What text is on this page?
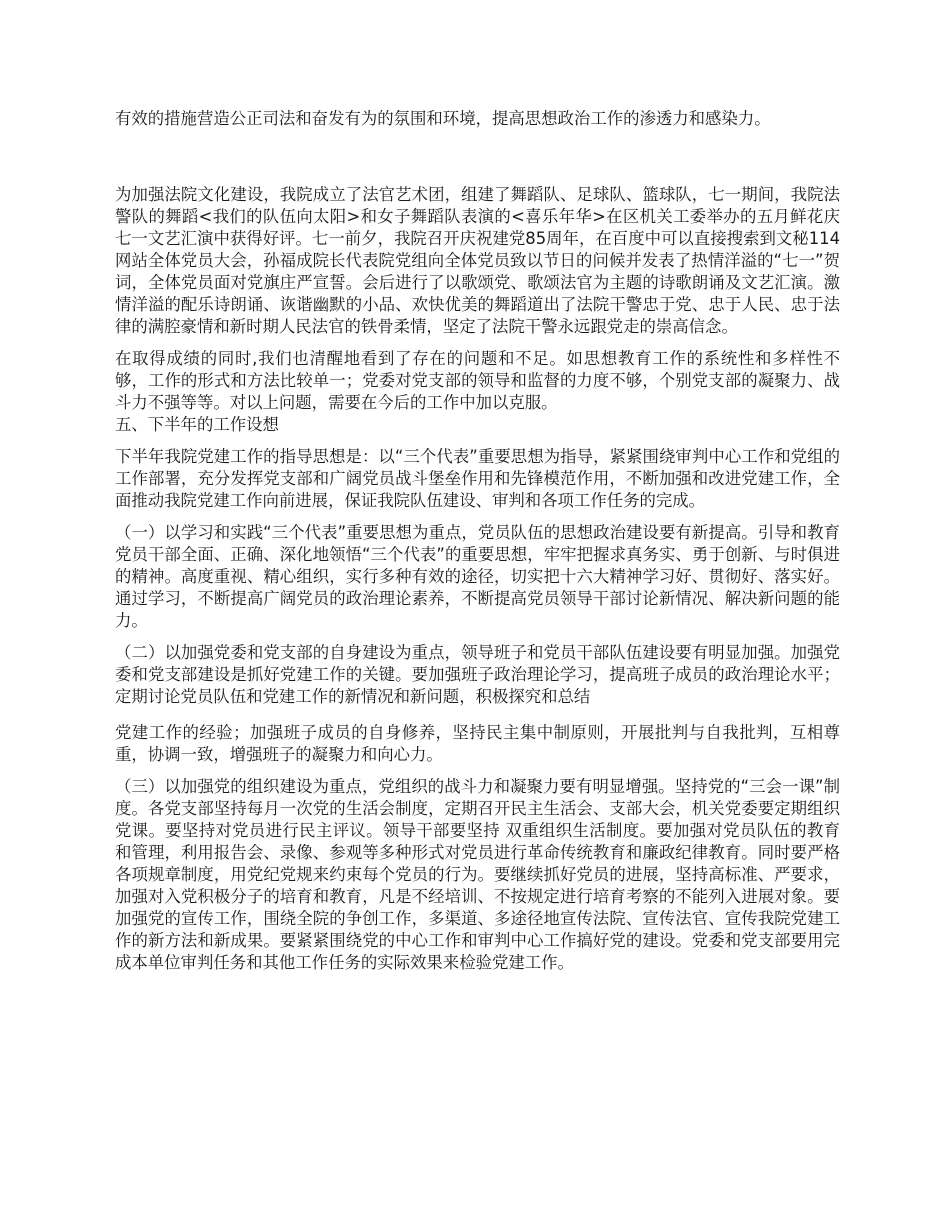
有效的措施营造公正司法和奋发有为的氛围和环境，提高思想政治工作的渗透力和感染力。

为加强法院文化建设，我院成立了法官艺术团，组建了舞蹈队、足球队、篮球队，七一期间，我院法警队的舞蹈<我们的队伍向太阳>和女子舞蹈队表演的<喜乐年华>在区机关工委举办的五月鲜花庆七一文艺汇演中获得好评。七一前夕，我院召开庆祝建党85周年，在百度中可以直接搜索到文秘114网站全体党员大会，孙福成院长代表院党组向全体党员致以节日的问候并发表了热情洋溢的“七一”贺词，全体党员面对党旗庄严宣誓。会后进行了以歌颂党、歌颂法官为主题的诗歌朗诵及文艺汇演。激情洋溢的配乐诗朗诵、诙谐幽默的小品、欢快优美的舞蹈道出了法院干警忠于党、忠于人民、忠于法律的满腔豪情和新时期人民法官的铁骨柔情，坚定了法院干警永远跟党走的崇高信念。

在取得成绩的同时,我们也清醒地看到了存在的问题和不足。如思想教育工作的系统性和多样性不够，工作的形式和方法比较单一；党委对党支部的领导和监督的力度不够，个别党支部的凝聚力、战斗力不强等等。对以上问题，需要在今后的工作中加以克服。

五、下半年的工作设想

下半年我院党建工作的指导思想是：以“三个代表”重要思想为指导，紧紧围绕审判中心工作和党组的工作部署，充分发挥党支部和广阔党员战斗堡垒作用和先锋模范作用，不断加强和改进党建工作，全面推动我院党建工作向前进展，保证我院队伍建设、审判和各项工作任务的完成。

（一）以学习和实践“三个代表”重要思想为重点，党员队伍的思想政治建设要有新提高。引导和教育党员干部全面、正确、深化地领悟“三个代表”的重要思想，牢牢把握求真务实、勇于创新、与时俱进的精神。高度重视、精心组织，实行多种有效的途径，切实把十六大精神学习好、贯彻好、落实好。通过学习，不断提高广阔党员的政治理论素养，不断提高党员领导干部讨论新情况、解决新问题的能力。

（二）以加强党委和党支部的自身建设为重点，领导班子和党员干部队伍建设要有明显加强。加强党委和党支部建设是抓好党建工作的关键。要加强班子政治理论学习，提高班子成员的政治理论水平；定期讨论党员队伍和党建工作的新情况和新问题，积极探究和总结

党建工作的经验；加强班子成员的自身修养，坚持民主集中制原则，开展批判与自我批判，互相尊重，协调一致，增强班子的凝聚力和向心力。

（三）以加强党的组织建设为重点，党组织的战斗力和凝聚力要有明显增强。坚持党的“三会一课”制度。各党支部坚持每月一次党的生活会制度，定期召开民主生活会、支部大会，机关党委要定期组织党课。要坚持对党员进行民主评议。领导干部要坚持 双重组织生活制度。要加强对党员队伍的教育和管理，利用报告会、录像、参观等多种形式对党员进行革命传统教育和廉政纪律教育。同时要严格各项规章制度，用党纪党规来约束每个党员的行为。要继续抓好党员的进展，坚持高标准、严要求，加强对入党积极分子的培育和教育，凡是不经培训、不按规定进行培育考察的不能列入进展对象。要加强党的宣传工作，围绕全院的争创工作，多渠道、多途径地宣传法院、宣传法官、宣传我院党建工作的新方法和新成果。要紧紧围绕党的中心工作和审判中心工作搞好党的建设。党委和党支部要用完成本单位审判任务和其他工作任务的实际效果来检验党建工作。
